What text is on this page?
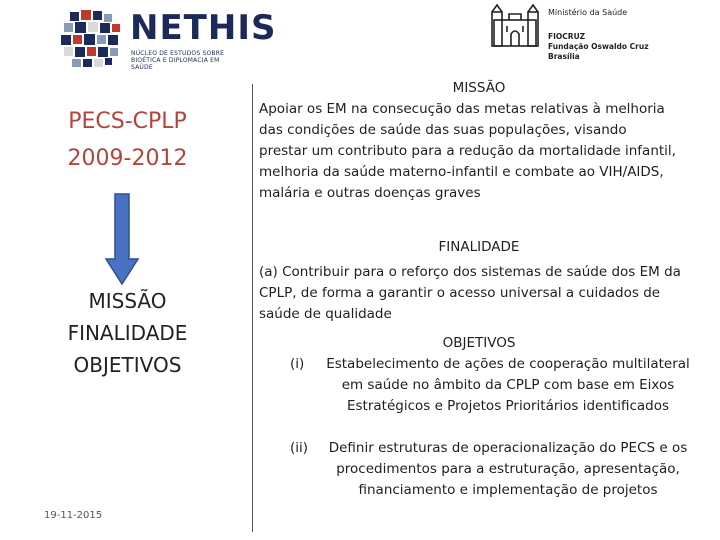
NETHIS
NÚCLEO DE ESTUDOS SOBRE BIOÉTICA E DIPLOMACIA EM SAÚDE
Ministério da Saúde
FIOCRUZ
Fundação Oswaldo Cruz
Brasília
PECS-CPLP
2009-2012
MISSÃO
FINALIDADE
OBJETIVOS
19-11-2015
MISSÃO
Apoiar os EM na consecução das metas relativas à melhoria das condições de saúde das suas populações, visando prestar um contributo para a redução da mortalidade infantil, melhoria da saúde materno-infantil e combate ao VIH/AIDS, malária e outras doenças graves
FINALIDADE
(a) Contribuir para o reforço dos sistemas de saúde dos EM da CPLP, de forma a garantir o acesso universal a cuidados de saúde de qualidade
OBJETIVOS
(i)	Estabelecimento de ações de cooperação multilateral em saúde no âmbito da CPLP com base em Eixos Estratégicos e Projetos Prioritários identificados
(ii)	Definir estruturas de operacionalização do PECS e os procedimentos para a estruturação, apresentação, financiamento e implementação de projetos
